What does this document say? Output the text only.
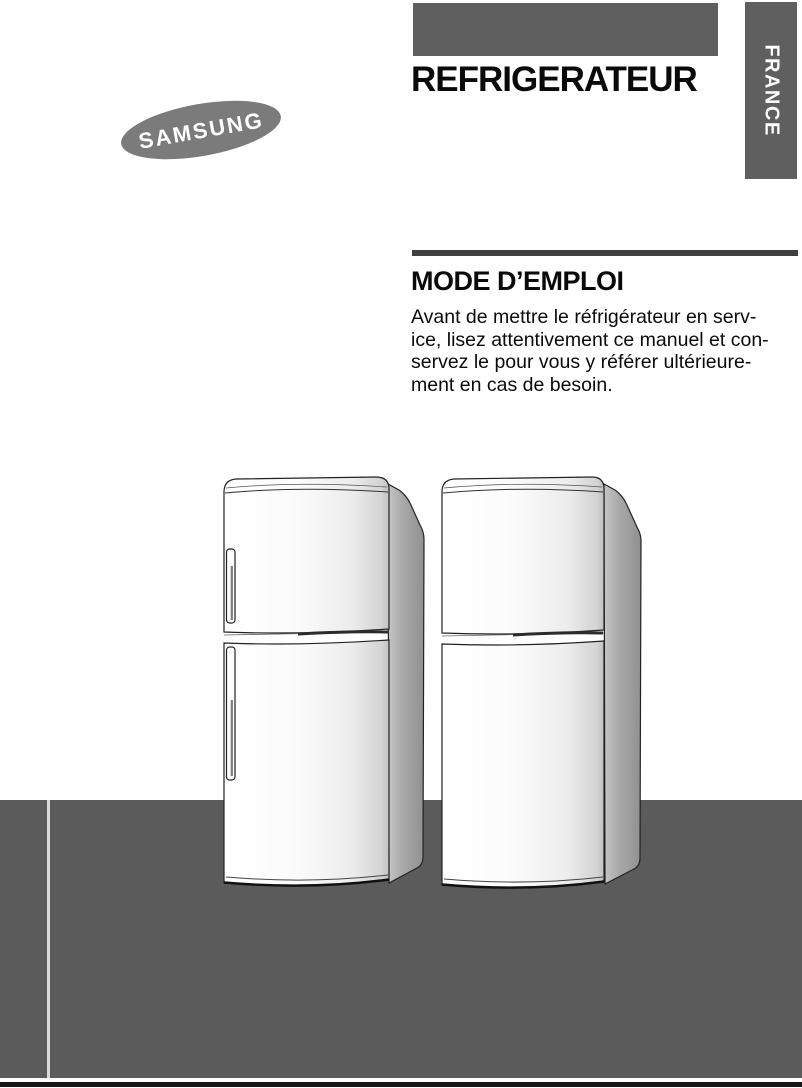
REFRIGERATEUR	FRANCE
SAMSUNG
MODE D’EMPLOI
Avant de mettre le réfrigérateur en serv-
ice, lisez attentivement ce manuel et con-
servez le pour vous y référer ultérieure-
ment en cas de besoin.
